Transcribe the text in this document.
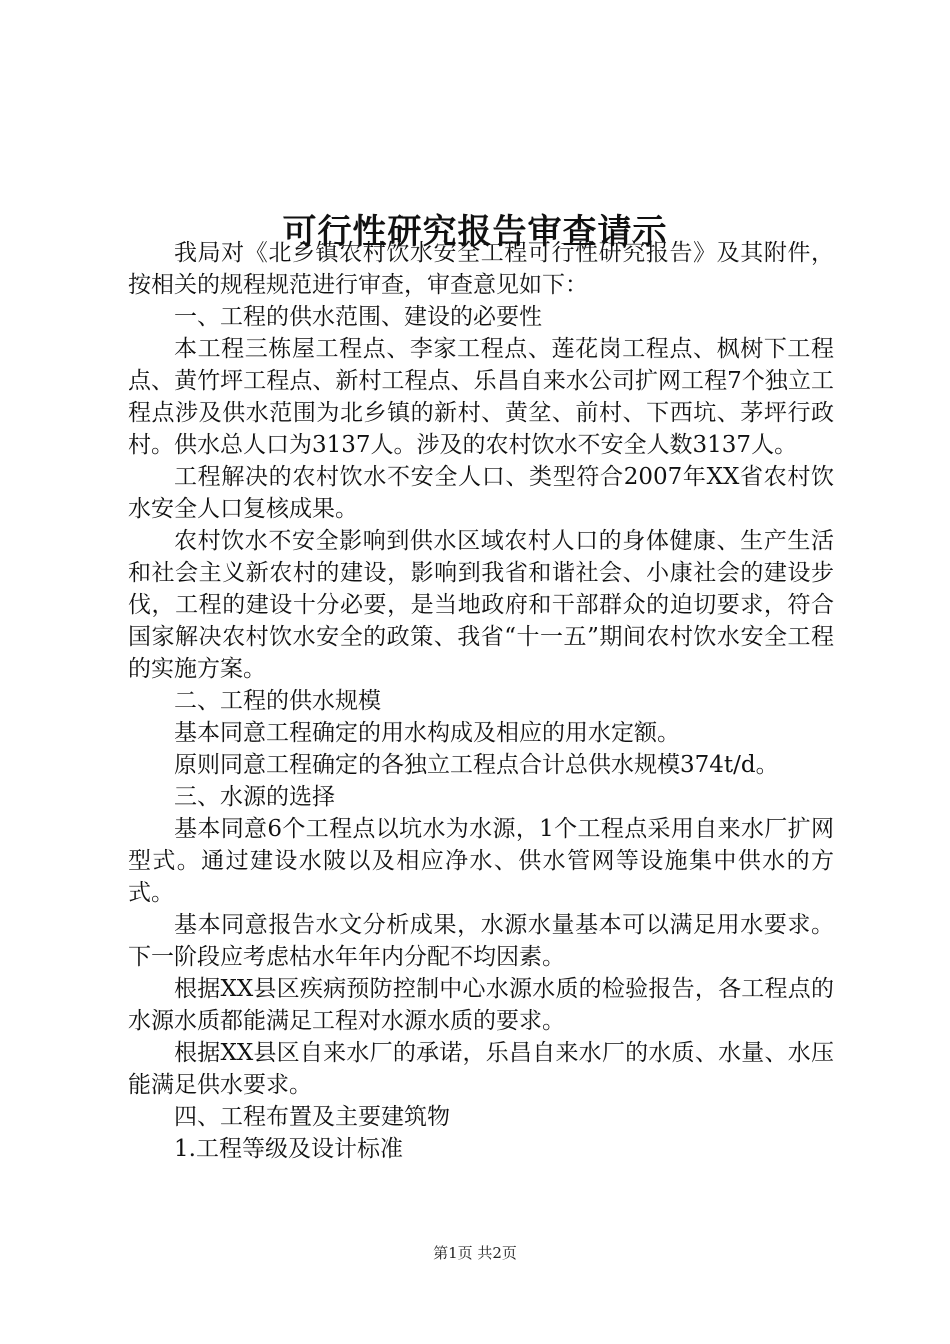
可行性研究报告审查请示

我局对《北乡镇农村饮水安全工程可行性研究报告》及其附件，按相关的规程规范进行审查，审查意见如下：

一、工程的供水范围、建设的必要性

本工程三栋屋工程点、李家工程点、莲花岗工程点、枫树下工程点、黄竹坪工程点、新村工程点、乐昌自来水公司扩网工程7个独立工程点涉及供水范围为北乡镇的新村、黄坌、前村、下西坑、茅坪行政村。供水总人口为3137人。涉及的农村饮水不安全人数3137人。

工程解决的农村饮水不安全人口、类型符合2007年XX省农村饮水安全人口复核成果。

农村饮水不安全影响到供水区域农村人口的身体健康、生产生活和社会主义新农村的建设，影响到我省和谐社会、小康社会的建设步伐，工程的建设十分必要，是当地政府和干部群众的迫切要求，符合国家解决农村饮水安全的政策、我省“十一五”期间农村饮水安全工程的实施方案。

二、工程的供水规模

基本同意工程确定的用水构成及相应的用水定额。

原则同意工程确定的各独立工程点合计总供水规模374t/d。

三、水源的选择

基本同意6个工程点以坑水为水源，1个工程点采用自来水厂扩网型式。通过建设水陂以及相应净水、供水管网等设施集中供水的方式。

基本同意报告水文分析成果，水源水量基本可以满足用水要求。下一阶段应考虑枯水年年内分配不均因素。

根据XX县区疾病预防控制中心水源水质的检验报告，各工程点的水源水质都能满足工程对水源水质的要求。

根据XX县区自来水厂的承诺，乐昌自来水厂的水质、水量、水压能满足供水要求。

四、工程布置及主要建筑物

1.工程等级及设计标准

第1页 共2页
